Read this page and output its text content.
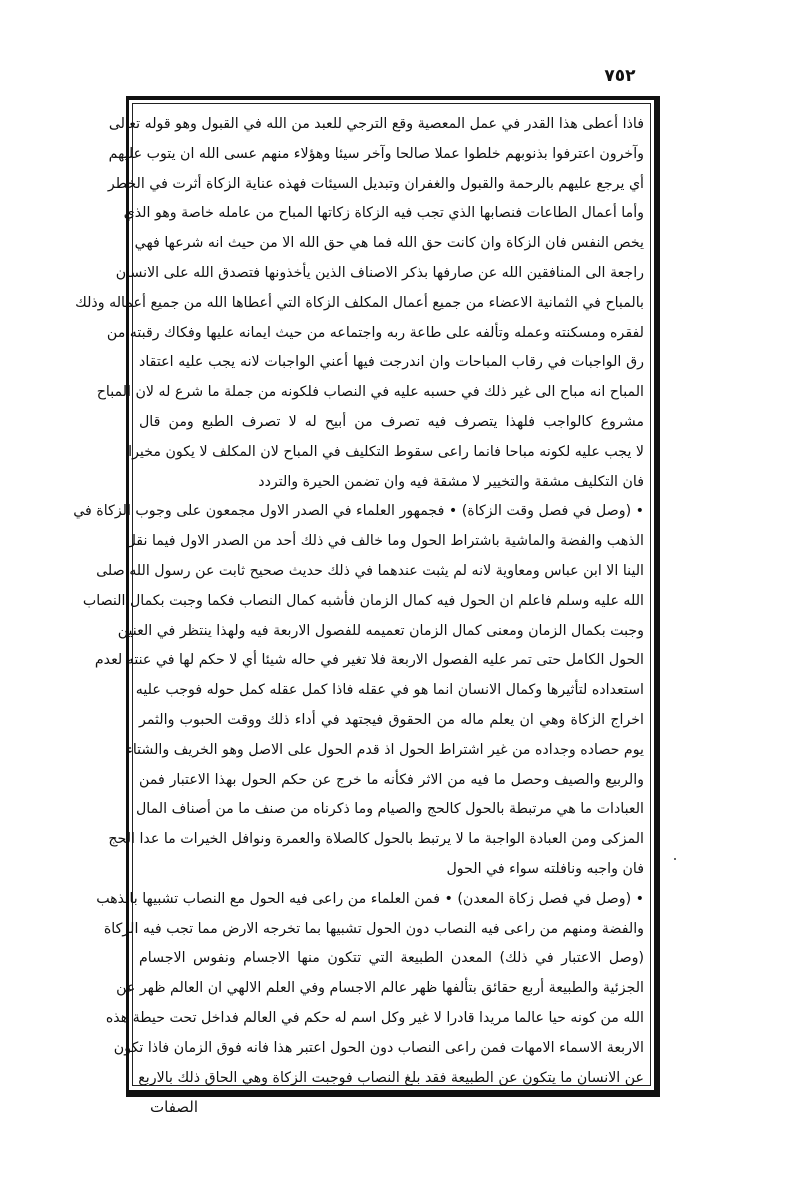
٧٥٢
فاذا أعطى هذا القدر في عمل المعصية وقع الترجي للعبد من الله في القبول وهو قوله تعالى
وآخرون اعترفوا بذنوبهم خلطوا عملا صالحا وآخر سيئا وهؤلاء منهم عسى الله ان يتوب عليهم
أي يرجع عليهم بالرحمة والقبول والغفران وتبديل السيئات فهذه عناية الزكاة أثرت في الخطر
وأما أعمال الطاعات فنصابها الذي تجب فيه الزكاة زكاتها المباح من عامله خاصة وهو الذي
يخص النفس فان الزكاة وان كانت حق الله فما هي حق الله الا من حيث انه شرعها فهي
راجعة الى المنافقين الله عن صارفها بذكر الاصناف الذين يأخذونها فتصدق الله على الانسان
بالمباح في الثمانية الاعضاء من جميع أعمال المكلف الزكاة التي أعطاها الله من جميع أعماله وذلك
لفقره ومسكنته وعمله وتألفه على طاعة ربه واجتماعه من حيث ايمانه عليها وفكاك رقبته من
رق الواجبات في رقاب المباحات وان اندرجت فيها أعني الواجبات لانه يجب عليه اعتقاد
المباح انه مباح الى غير ذلك في حسبه عليه في النصاب فلكونه من جملة ما شرع له لان المباح
مشروع كالواجب فلهذا يتصرف فيه تصرف من أبيح له لا تصرف الطبع ومن قال
لا يجب عليه لكونه مباحا فانما راعى سقوط التكليف في المباح لان المكلف لا يكون مخيرا
فان التكليف مشقة والتخيير لا مشقة فيه وان تضمن الحيرة والتردد
• (وصل في فصل وقت الزكاة) • فجمهور العلماء في الصدر الاول مجمعون على وجوب الزكاة في
الذهب والفضة والماشية باشتراط الحول وما خالف في ذلك أحد من الصدر الاول فيما نقل
الينا الا ابن عباس ومعاوية لانه لم يثبت عندهما في ذلك حديث صحيح ثابت عن رسول الله صلى
الله عليه وسلم فاعلم ان الحول فيه كمال الزمان فأشبه كمال النصاب فكما وجبت بكمال النصاب
وجبت بكمال الزمان ومعنى كمال الزمان تعميمه للفصول الاربعة فيه ولهذا ينتظر في العنين
الحول الكامل حتى تمر عليه الفصول الاربعة فلا تغير في حاله شيئا أي لا حكم لها في عنته لعدم
استعداده لتأثيرها وكمال الانسان انما هو في عقله فاذا كمل عقله كمل حوله فوجب عليه
اخراج الزكاة وهي ان يعلم ماله من الحقوق فيجتهد في أداء ذلك ووقت الحبوب والثمر
يوم حصاده وجداده من غير اشتراط الحول اذ قدم الحول على الاصل وهو الخريف والشتاء
والربيع والصيف وحصل ما فيه من الاثر فكأنه ما خرج عن حكم الحول بهذا الاعتبار فمن
العبادات ما هي مرتبطة بالحول كالحج والصيام وما ذكرناه من صنف ما من أصناف المال
المزكى ومن العبادة الواجبة ما لا يرتبط بالحول كالصلاة والعمرة ونوافل الخيرات ما عدا الحج
فان واجبه ونافلته سواء في الحول
• (وصل في فصل زكاة المعدن) • فمن العلماء من راعى فيه الحول مع النصاب تشبيها بالذهب
والفضة ومنهم من راعى فيه النصاب دون الحول تشبيها بما تخرجه الارض مما تجب فيه الزكاة
(وصل الاعتبار في ذلك) المعدن الطبيعة التي تتكون منها الاجسام ونفوس الاجسام
الجزئية والطبيعة أربع حقائق بتألفها ظهر عالم الاجسام وفي العلم الالهي ان العالم ظهر عن
الله من كونه حيا عالما مريدا قادرا لا غير وكل اسم له حكم في العالم فداخل تحت حيطة هذه
الاربعة الاسماء الامهات فمن راعى النصاب دون الحول اعتبر هذا فانه فوق الزمان فاذا تكون
عن الانسان ما يتكون عن الطبيعة فقد بلغ النصاب فوجبت الزكاة وهي الحاق ذلك بالاربع
الصفات
